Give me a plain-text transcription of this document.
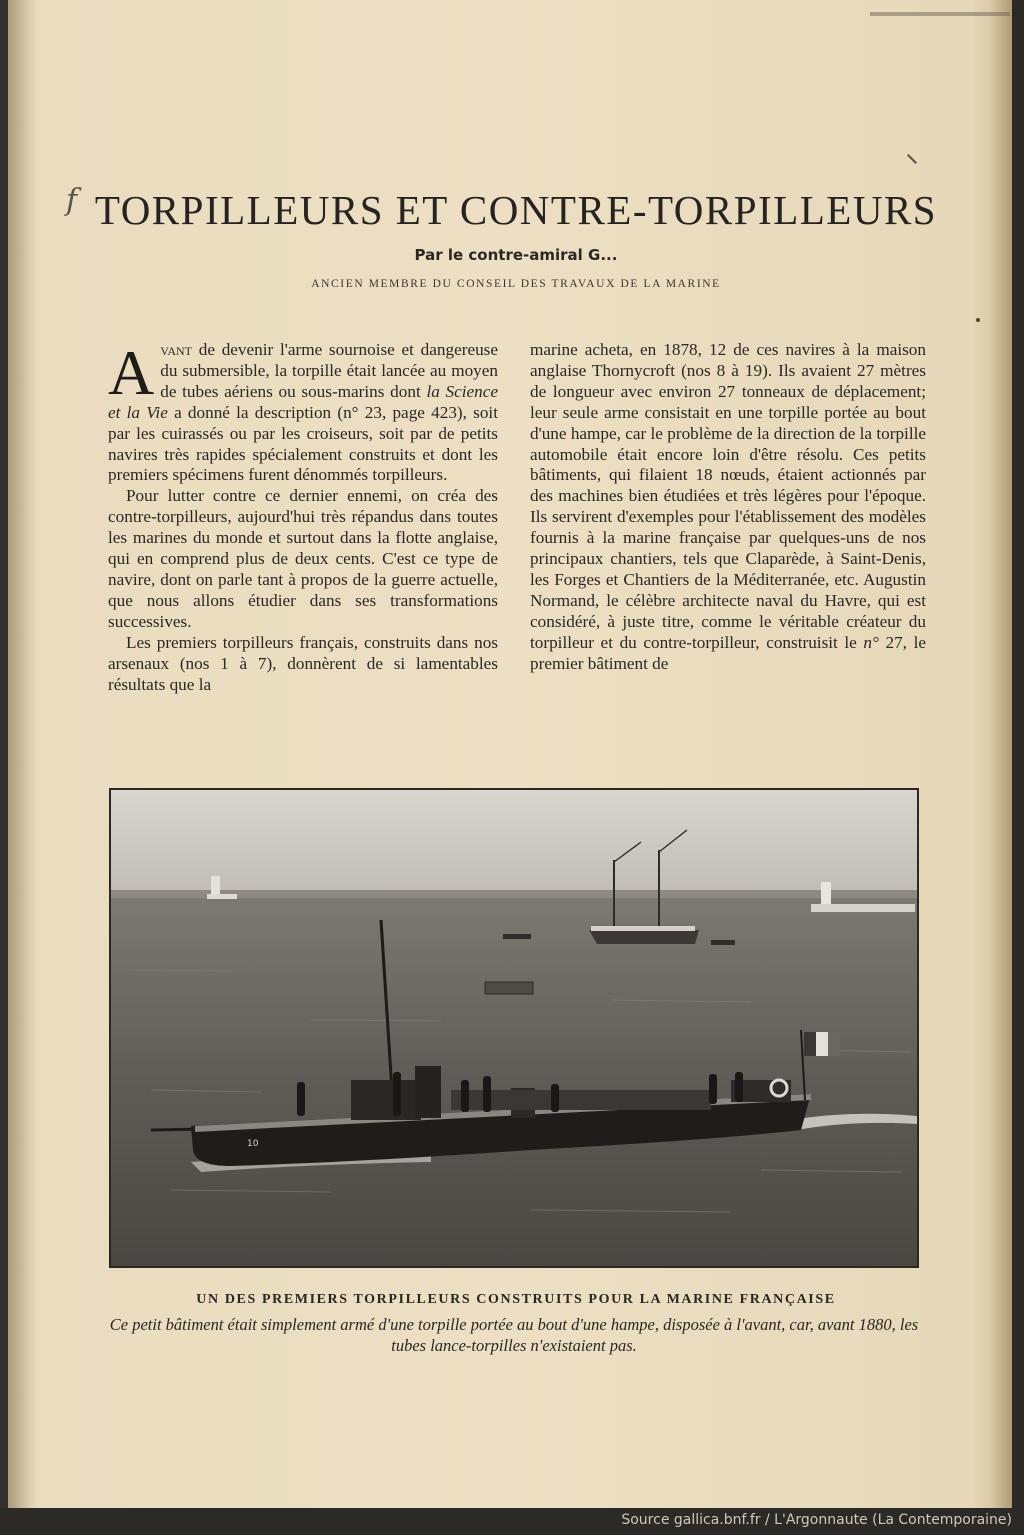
f TORPILLEURS ET CONTRE-TORPILLEURS
Par le contre-amiral G...
ANCIEN MEMBRE DU CONSEIL DES TRAVAUX DE LA MARINE

Avant de devenir l'arme sournoise et dangereuse du submersible, la torpille était lancée au moyen de tubes aériens ou sous-marins dont la Science et la Vie a donné la description (n° 23, page 423), soit par les cuirassés ou par les croiseurs, soit par de petits navires très rapides spécialement construits et dont les premiers spécimens furent dénommés torpilleurs.

Pour lutter contre ce dernier ennemi, on créa des contre-torpilleurs, aujourd'hui très répandus dans toutes les marines du monde et surtout dans la flotte anglaise, qui en comprend plus de deux cents. C'est ce type de navire, dont on parle tant à propos de la guerre actuelle, que nous allons étudier dans ses transformations successives.

Les premiers torpilleurs français, construits dans nos arsenaux (nos 1 à 7), donnèrent de si lamentables résultats que la

marine acheta, en 1878, 12 de ces navires à la maison anglaise Thornycroft (nos 8 à 19). Ils avaient 27 mètres de longueur avec environ 27 tonneaux de déplacement; leur seule arme consistait en une torpille portée au bout d'une hampe, car le problème de la direction de la torpille automobile était encore loin d'être résolu. Ces petits bâtiments, qui filaient 18 nœuds, étaient actionnés par des machines bien étudiées et très légères pour l'époque. Ils servirent d'exemples pour l'établissement des modèles fournis à la marine française par quelques-uns de nos principaux chantiers, tels que Claparède, à Saint-Denis, les Forges et Chantiers de la Méditerranée, etc. Augustin Normand, le célèbre architecte naval du Havre, qui est considéré, à juste titre, comme le véritable créateur du torpilleur et du contre-torpilleur, construisit le n° 27, le premier bâtiment de

10
UN DES PREMIERS TORPILLEURS CONSTRUITS POUR LA MARINE FRANÇAISE
Ce petit bâtiment était simplement armé d'une torpille portée au bout d'une hampe, disposée à l'avant, car, avant 1880, les tubes lance-torpilles n'existaient pas.
Source gallica.bnf.fr / L'Argonnaute (La Contemporaine)
